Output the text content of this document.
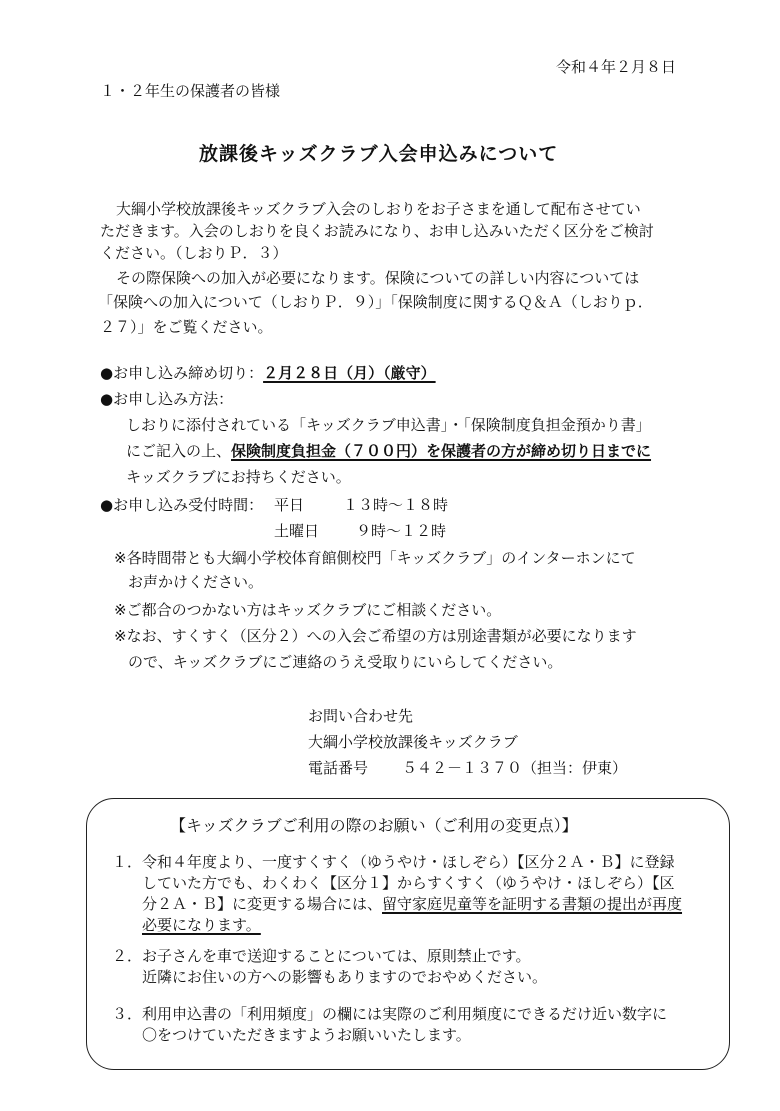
令和４年２月８日
１・２年生の保護者の皆様
放課後キッズクラブ入会申込みについて
大綱小学校放課後キッズクラブ入会のしおりをお子さまを通して配布させてい
ただきます。入会のしおりを良くお読みになり、お申し込みいただく区分をご検討
ください。（しおりＰ．３）
その際保険への加入が必要になります。保険についての詳しい内容については
「保険への加入について（しおりＰ．９）」「保険制度に関するＱ＆Ａ（しおりｐ．
２７）」をご覧ください。
●お申し込み締め切り：２月２８日（月）（厳守）
●お申し込み方法：
しおりに添付されている「キッズクラブ申込書」・「保険制度負担金預かり書」
にご記入の上、保険制度負担金（７００円）を保護者の方が締め切り日までに
キッズクラブにお持ちください。
●お申し込み受付時間： 平日	１３時～１８時
土曜日 ９時～１２時
※各時間帯とも大綱小学校体育館側校門「キッズクラブ」のインターホンにて
お声かけください。
※ご都合のつかない方はキッズクラブにご相談ください。
※なお、すくすく（区分２）への入会ご希望の方は別途書類が必要になります
ので、キッズクラブにご連絡のうえ受取りにいらしてください。
お問い合わせ先
大綱小学校放課後キッズクラブ
電話番号 ５４２－１３７０（担当：伊東）
【キッズクラブご利用の際のお願い（ご利用の変更点）】
１． 令和４年度より、一度すくすく（ゆうやけ・ほしぞら）【区分２Ａ・Ｂ】に登録
していた方でも、わくわく【区分１】からすくすく（ゆうやけ・ほしぞら）【区
分２Ａ・Ｂ】に変更する場合には、留守家庭児童等を証明する書類の提出が再度
必要になります。
２． お子さんを車で送迎することについては、原則禁止です。
近隣にお住いの方への影響もありますのでおやめください。
３． 利用申込書の「利用頻度」の欄には実際のご利用頻度にできるだけ近い数字に
〇をつけていただきますようお願いいたします。
